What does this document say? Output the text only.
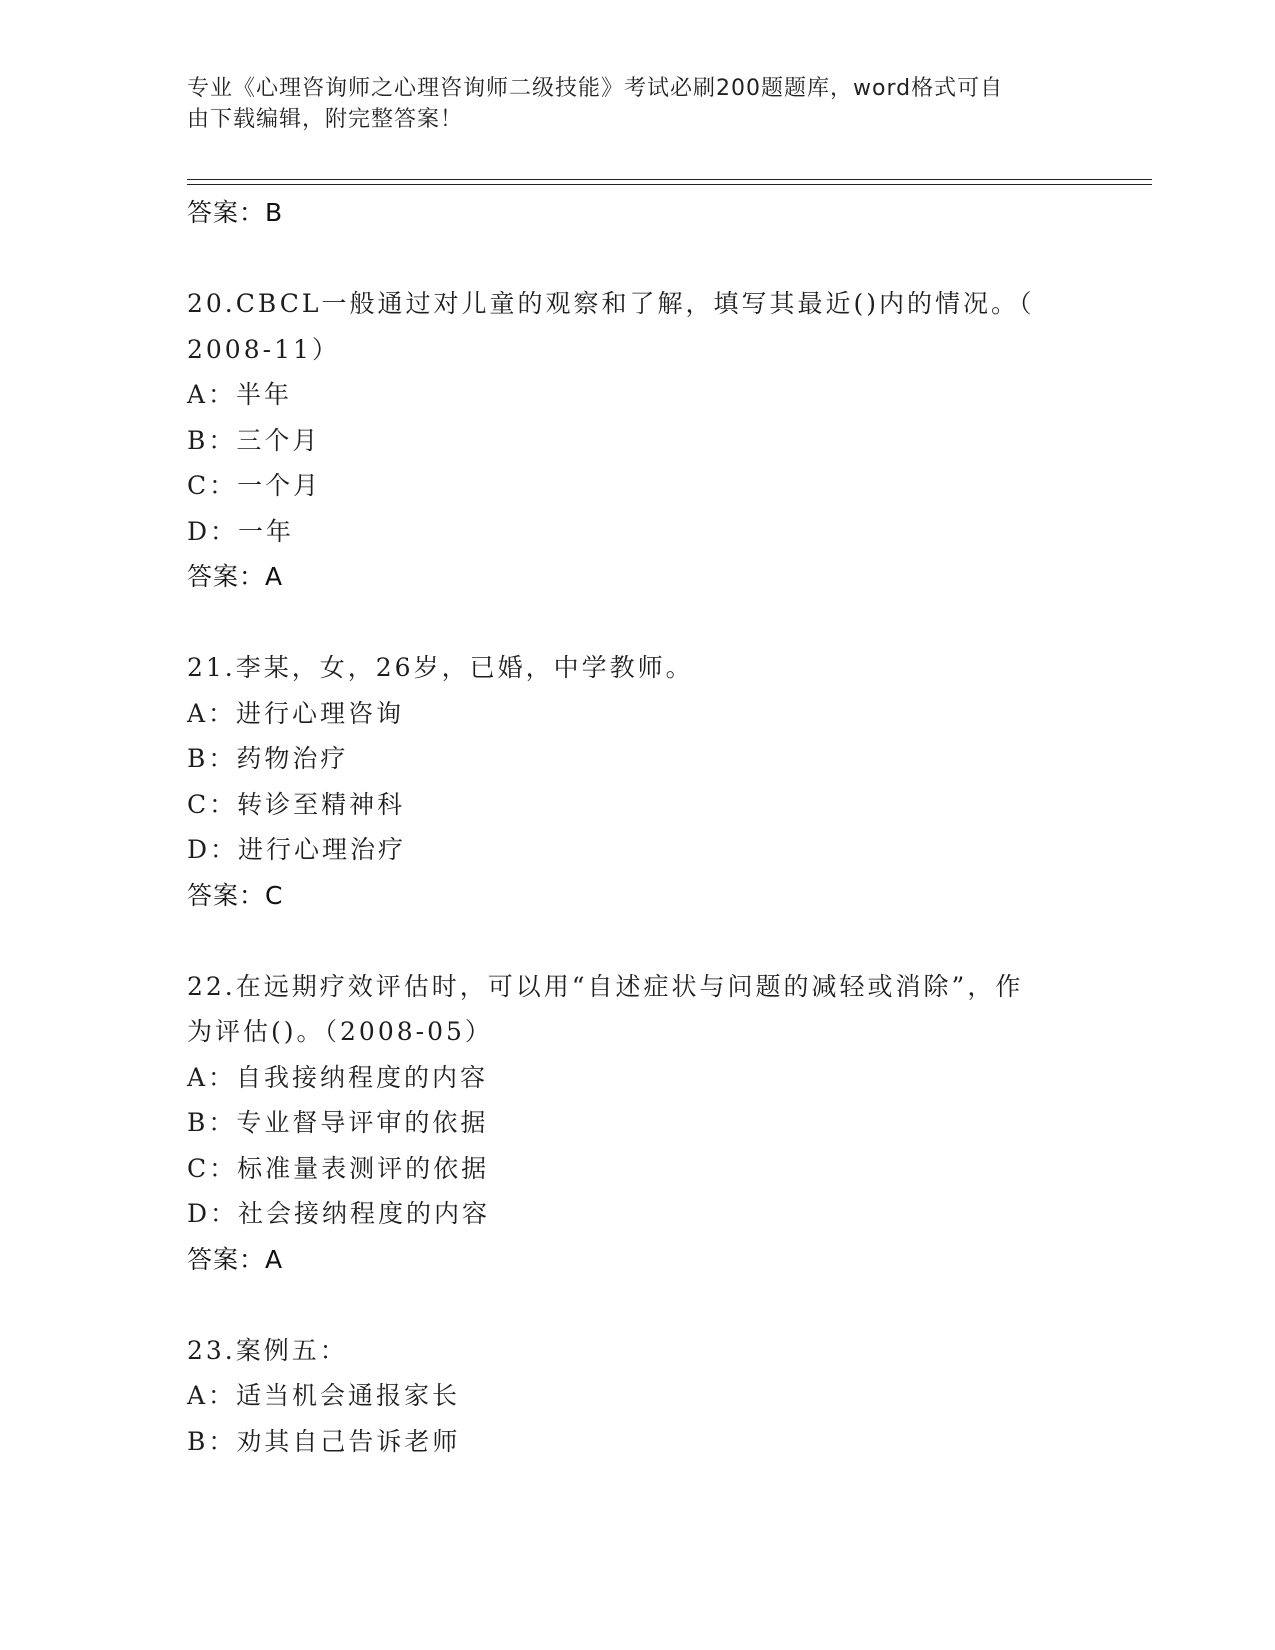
专业《心理咨询师之心理咨询师二级技能》考试必刷200题题库，word格式可自
由下载编辑，附完整答案！
答案：B
20.CBCL一般通过对儿童的观察和了解，填写其最近()内的情况。（
2008-11）
A：半年
B：三个月
C：一个月
D：一年
答案：A
21.李某，女，26岁，已婚，中学教师。
A：进行心理咨询
B：药物治疗
C：转诊至精神科
D：进行心理治疗
答案：C
22.在远期疗效评估时，可以用“自述症状与问题的减轻或消除”，作
为评估()。（2008-05）
A：自我接纳程度的内容
B：专业督导评审的依据
C：标准量表测评的依据
D：社会接纳程度的内容
答案：A
23.案例五：
A：适当机会通报家长
B：劝其自己告诉老师
